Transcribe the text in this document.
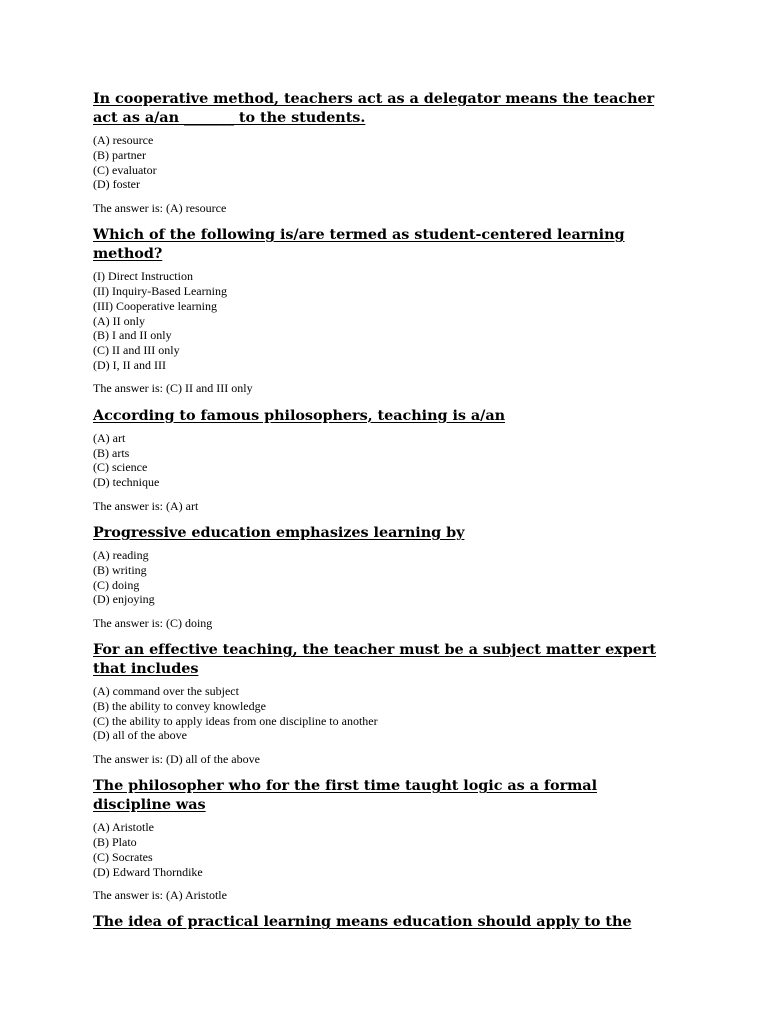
In cooperative method, teachers act as a delegator means the teacher act as a/an _______ to the students.

(A) resource
(B) partner
(C) evaluator
(D) foster

The answer is: (A) resource

Which of the following is/are termed as student-centered learning method?

(I) Direct Instruction
(II) Inquiry-Based Learning
(III) Cooperative learning
(A) II only
(B) I and II only
(C) II and III only
(D) I, II and III

The answer is: (C) II and III only

According to famous philosophers, teaching is a/an

(A) art
(B) arts
(C) science
(D) technique

The answer is: (A) art

Progressive education emphasizes learning by

(A) reading
(B) writing
(C) doing
(D) enjoying

The answer is: (C) doing

For an effective teaching, the teacher must be a subject matter expert that includes

(A) command over the subject
(B) the ability to convey knowledge
(C) the ability to apply ideas from one discipline to another
(D) all of the above

The answer is: (D) all of the above

The philosopher who for the first time taught logic as a formal discipline was

(A) Aristotle
(B) Plato
(C) Socrates
(D) Edward Thorndike

The answer is: (A) Aristotle

The idea of practical learning means education should apply to the
